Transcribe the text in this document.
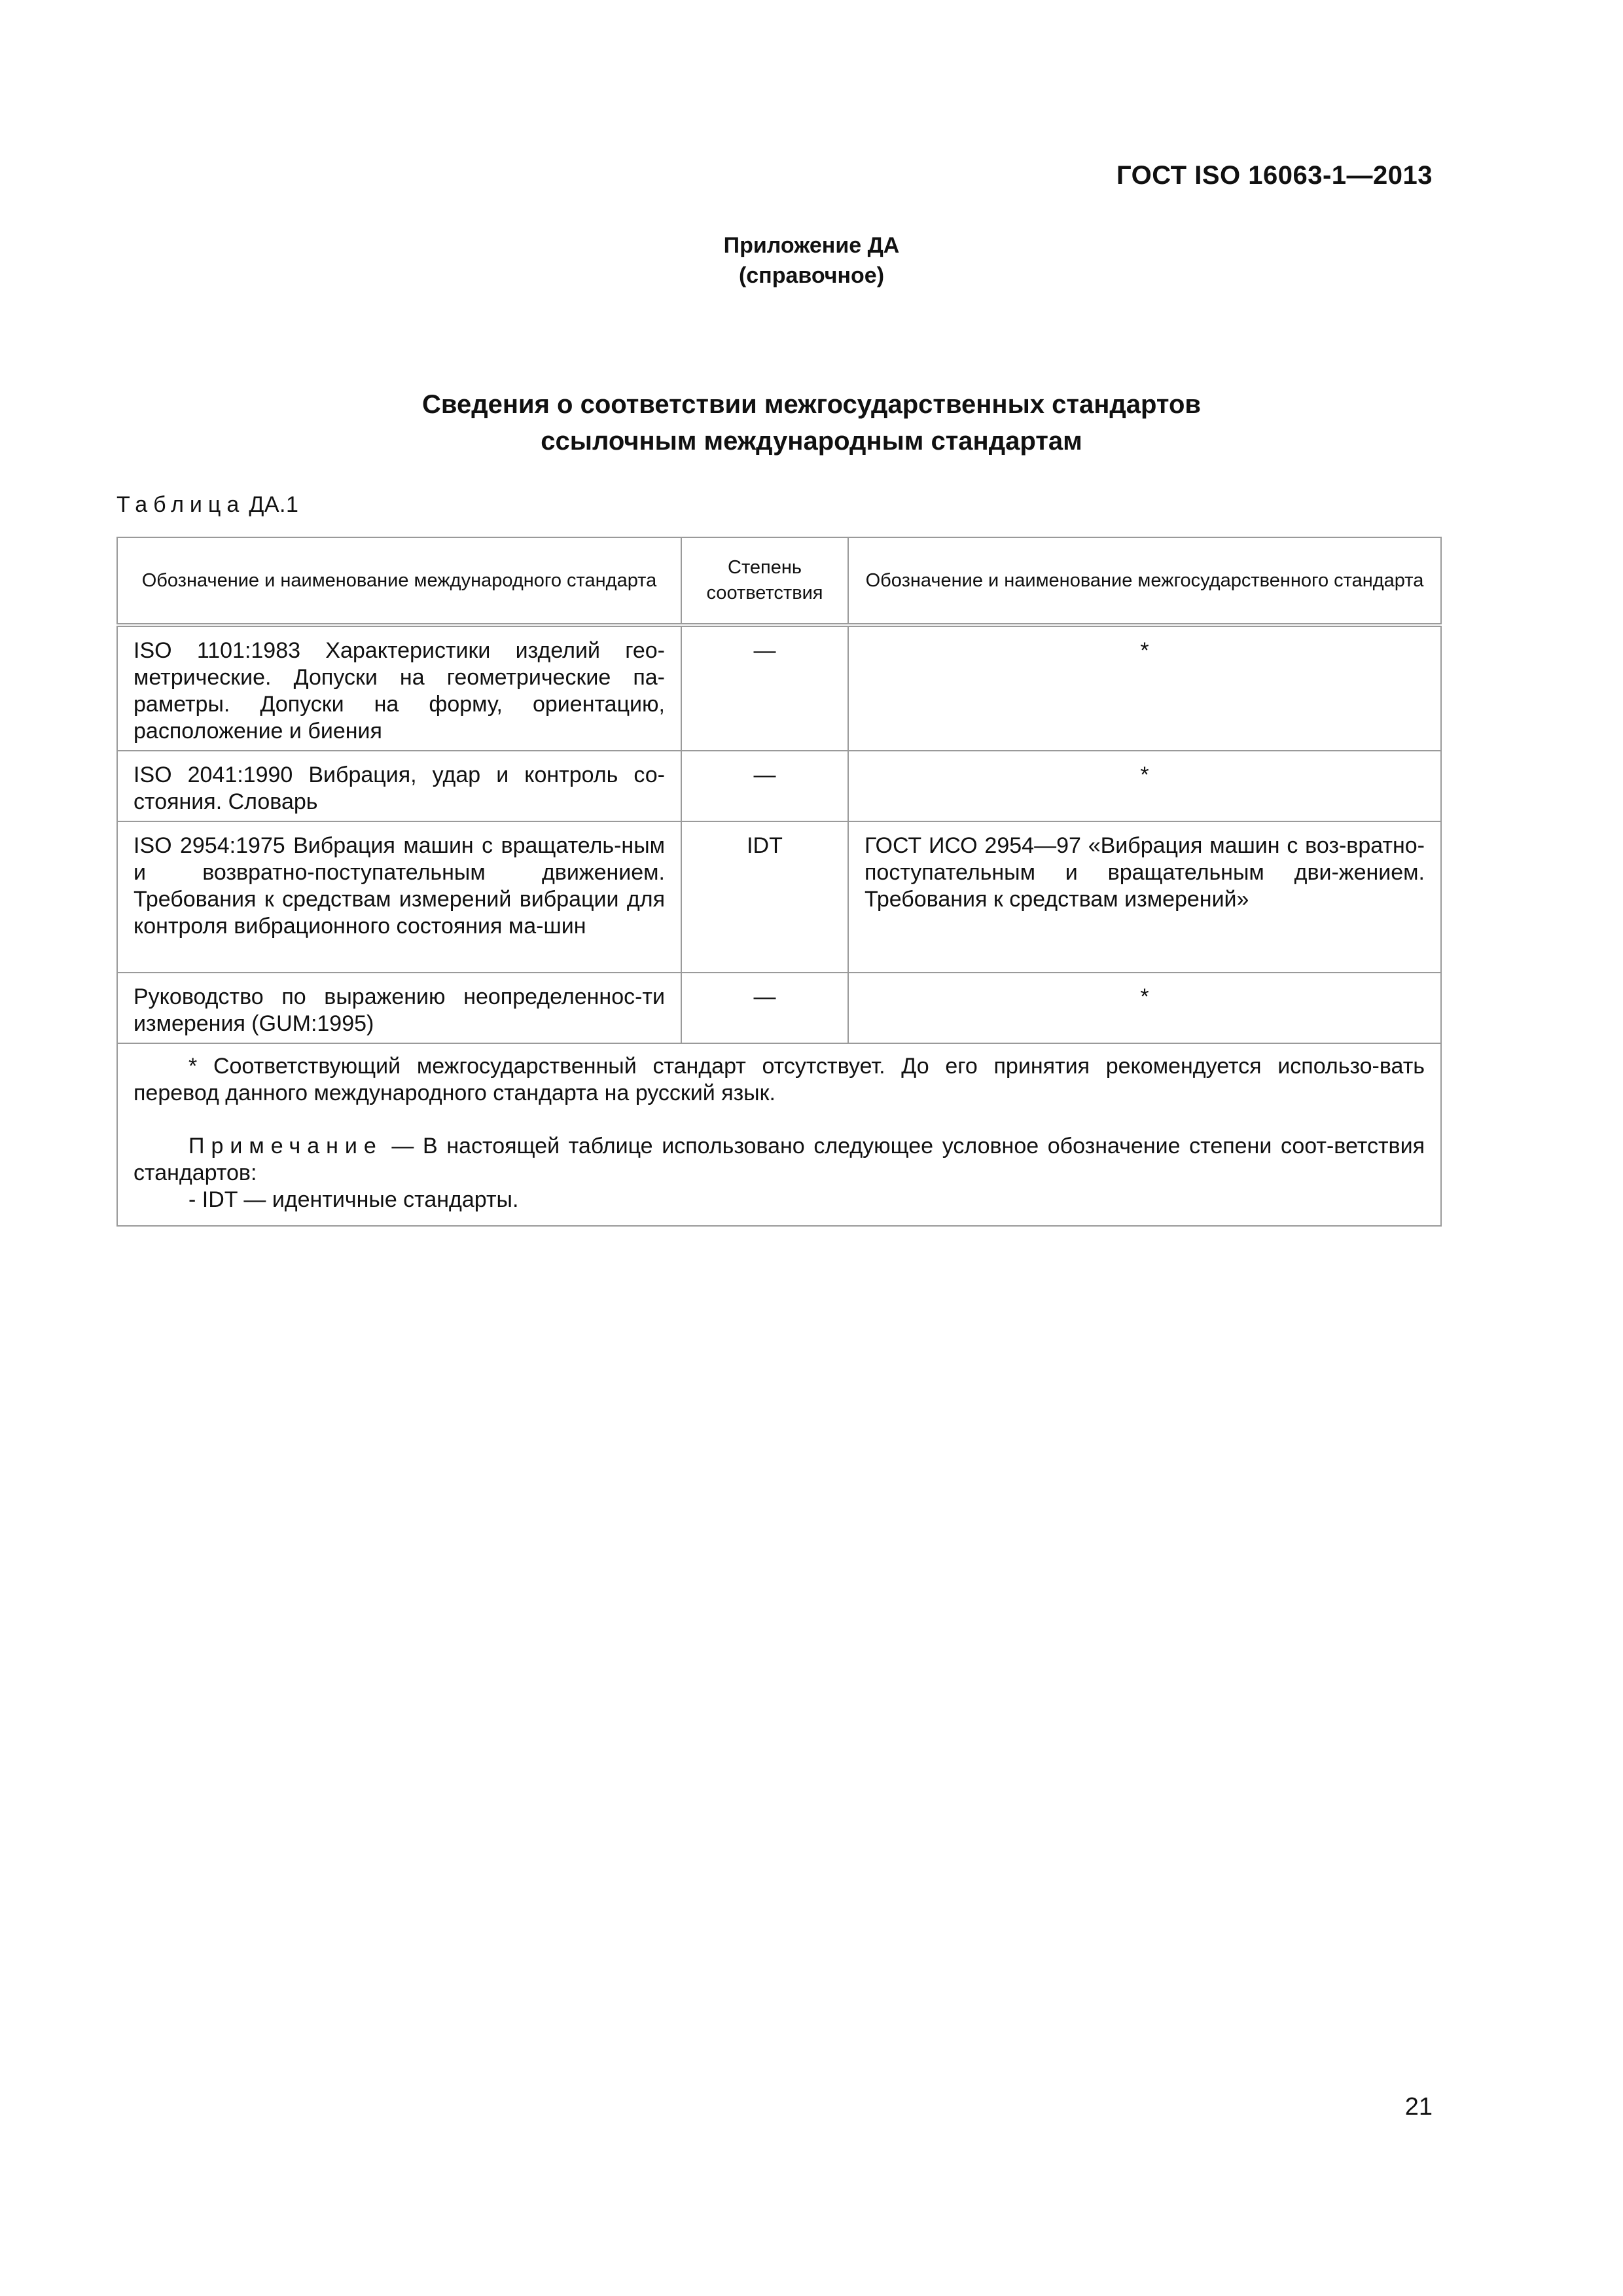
ГОСТ ISO 16063-1—2013
Приложение ДА
(справочное)
Сведения о соответствии межгосударственных стандартов
ссылочным международным стандартам
Таблица ДА.1
Обозначение и наименование международного стандарта	Степень соответствия	Обозначение и наименование межгосударственного стандарта
ISO 1101:1983 Характеристики изделий гео-метрические. Допуски на геометрические па-раметры. Допуски на форму, ориентацию, расположение и биения	—	*
ISO 2041:1990 Вибрация, удар и контроль со-стояния. Словарь	—	*
ISO 2954:1975 Вибрация машин с вращатель-ным и возвратно-поступательным движением. Требования к средствам измерений вибрации для контроля вибрационного состояния ма-шин	IDT	ГОСТ ИСО 2954—97 «Вибрация машин с воз-вратно-поступательным и вращательным дви-жением. Требования к средствам измерений»
Руководство по выражению неопределеннос-ти измерения (GUM:1995)	—	*

* Соответствующий межгосударственный стандарт отсутствует. До его принятия рекомендуется использо-вать перевод данного международного стандарта на русский язык.

Примечание — В настоящей таблице использовано следующее условное обозначение степени соот-ветствия стандартов:

- IDT — идентичные стандарты.		

21
